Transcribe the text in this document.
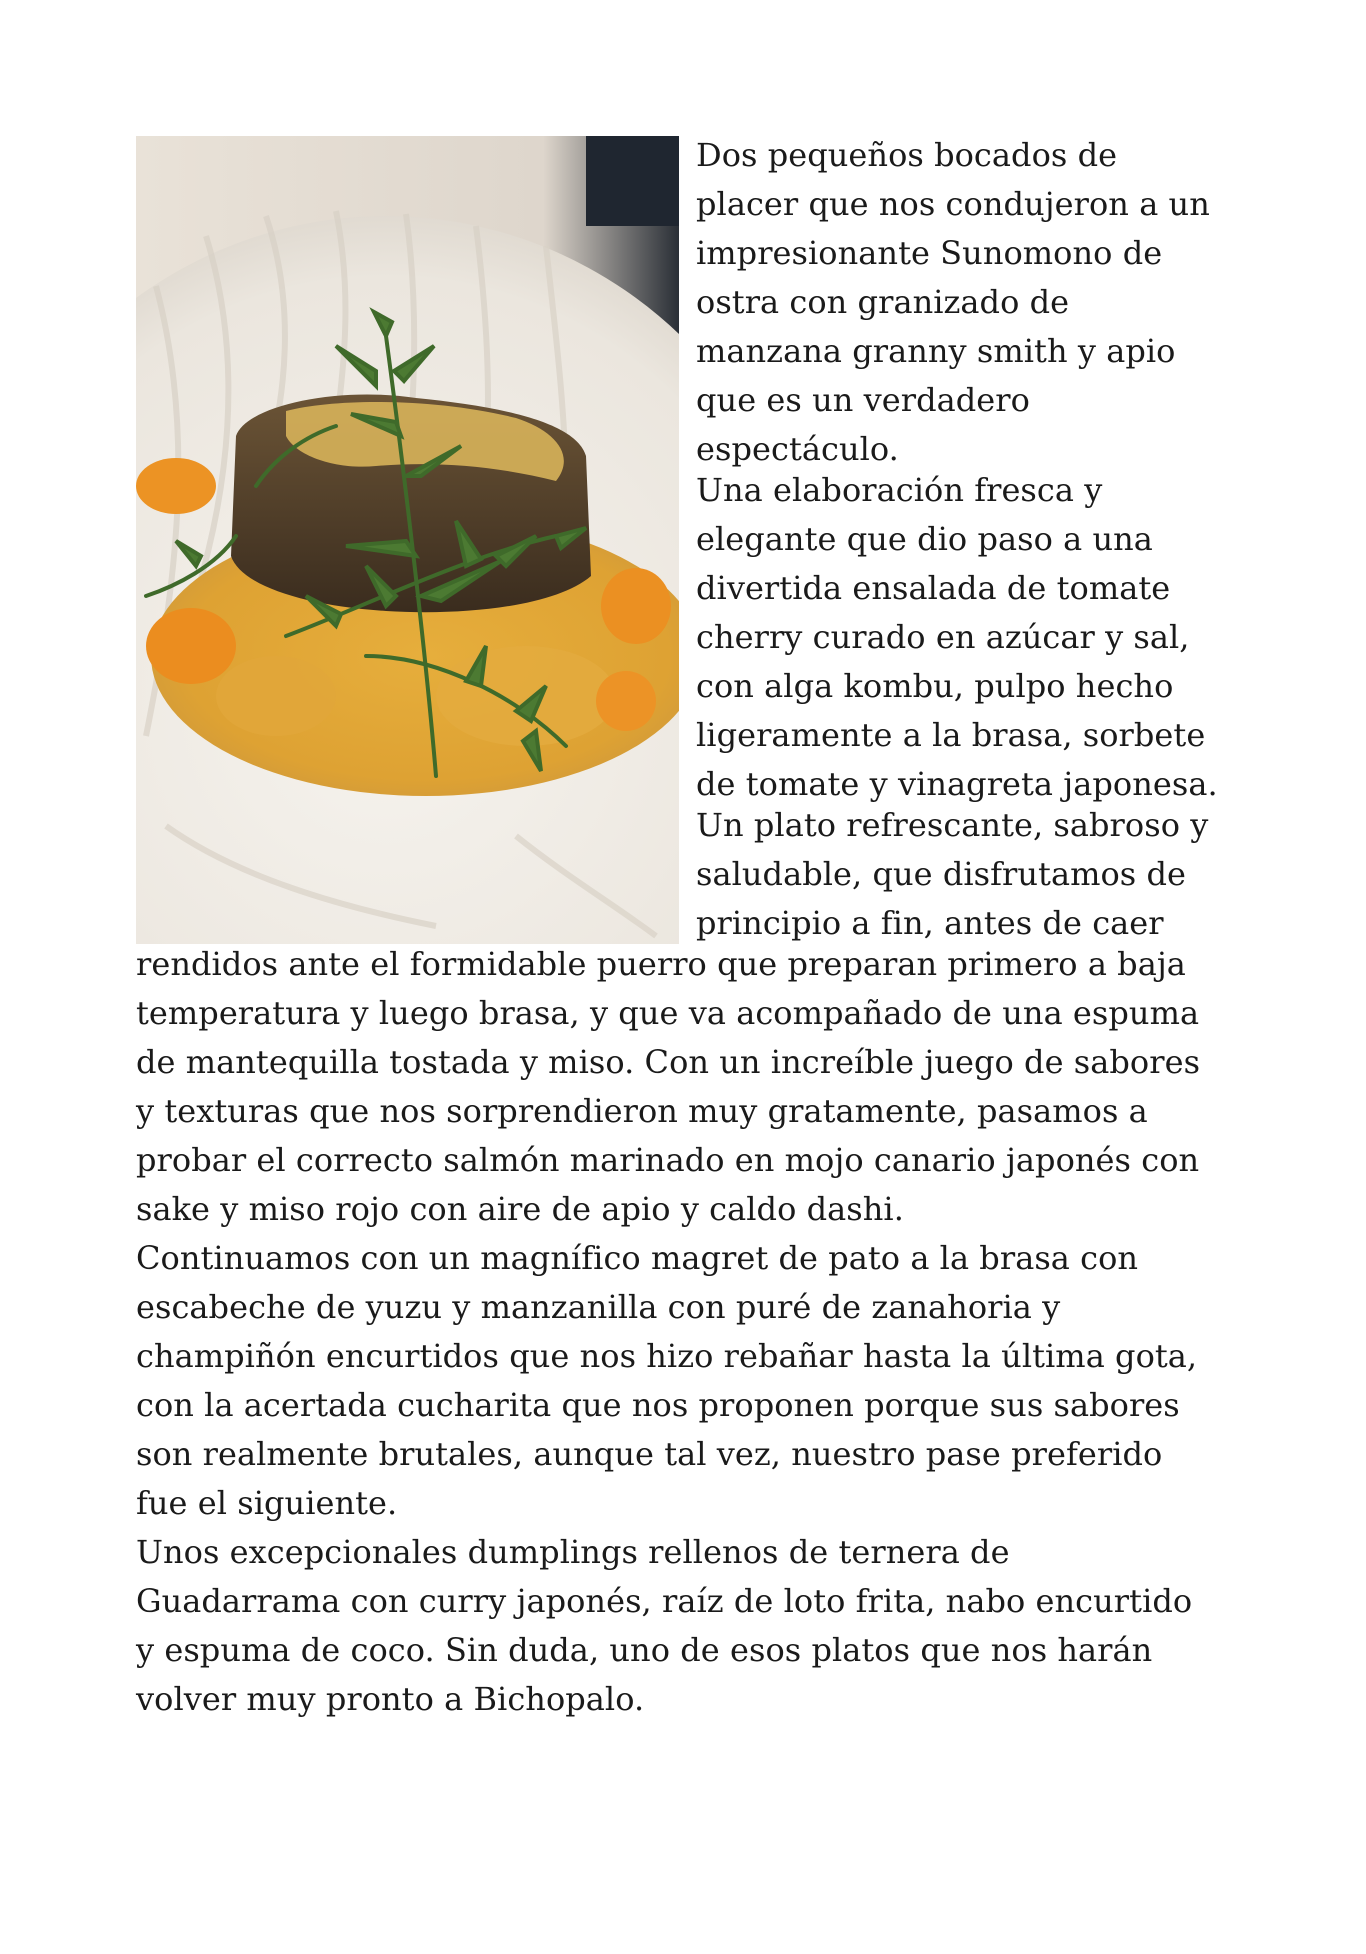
Dos pequeños bocados de
placer que nos condujeron a un
impresionante Sunomono de
ostra con granizado de
manzana granny smith y apio
que es un verdadero
espectáculo.
Una elaboración fresca y
elegante que dio paso a una
divertida ensalada de tomate
cherry curado en azúcar y sal,
con alga kombu, pulpo hecho
ligeramente a la brasa, sorbete
de tomate y vinagreta japonesa.
Un plato refrescante, sabroso y
saludable, que disfrutamos de
principio a fin, antes de caer
rendidos ante el formidable puerro que preparan primero a baja
temperatura y luego brasa, y que va acompañado de una espuma
de mantequilla tostada y miso. Con un increíble juego de sabores
y texturas que nos sorprendieron muy gratamente, pasamos a
probar el correcto salmón marinado en mojo canario japonés con
sake y miso rojo con aire de apio y caldo dashi.
Continuamos con un magnífico magret de pato a la brasa con
escabeche de yuzu y manzanilla con puré de zanahoria y
champiñón encurtidos que nos hizo rebañar hasta la última gota,
con la acertada cucharita que nos proponen porque sus sabores
son realmente brutales, aunque tal vez, nuestro pase preferido
fue el siguiente.
Unos excepcionales dumplings rellenos de ternera de
Guadarrama con curry japonés, raíz de loto frita, nabo encurtido
y espuma de coco. Sin duda, uno de esos platos que nos harán
volver muy pronto a Bichopalo.
